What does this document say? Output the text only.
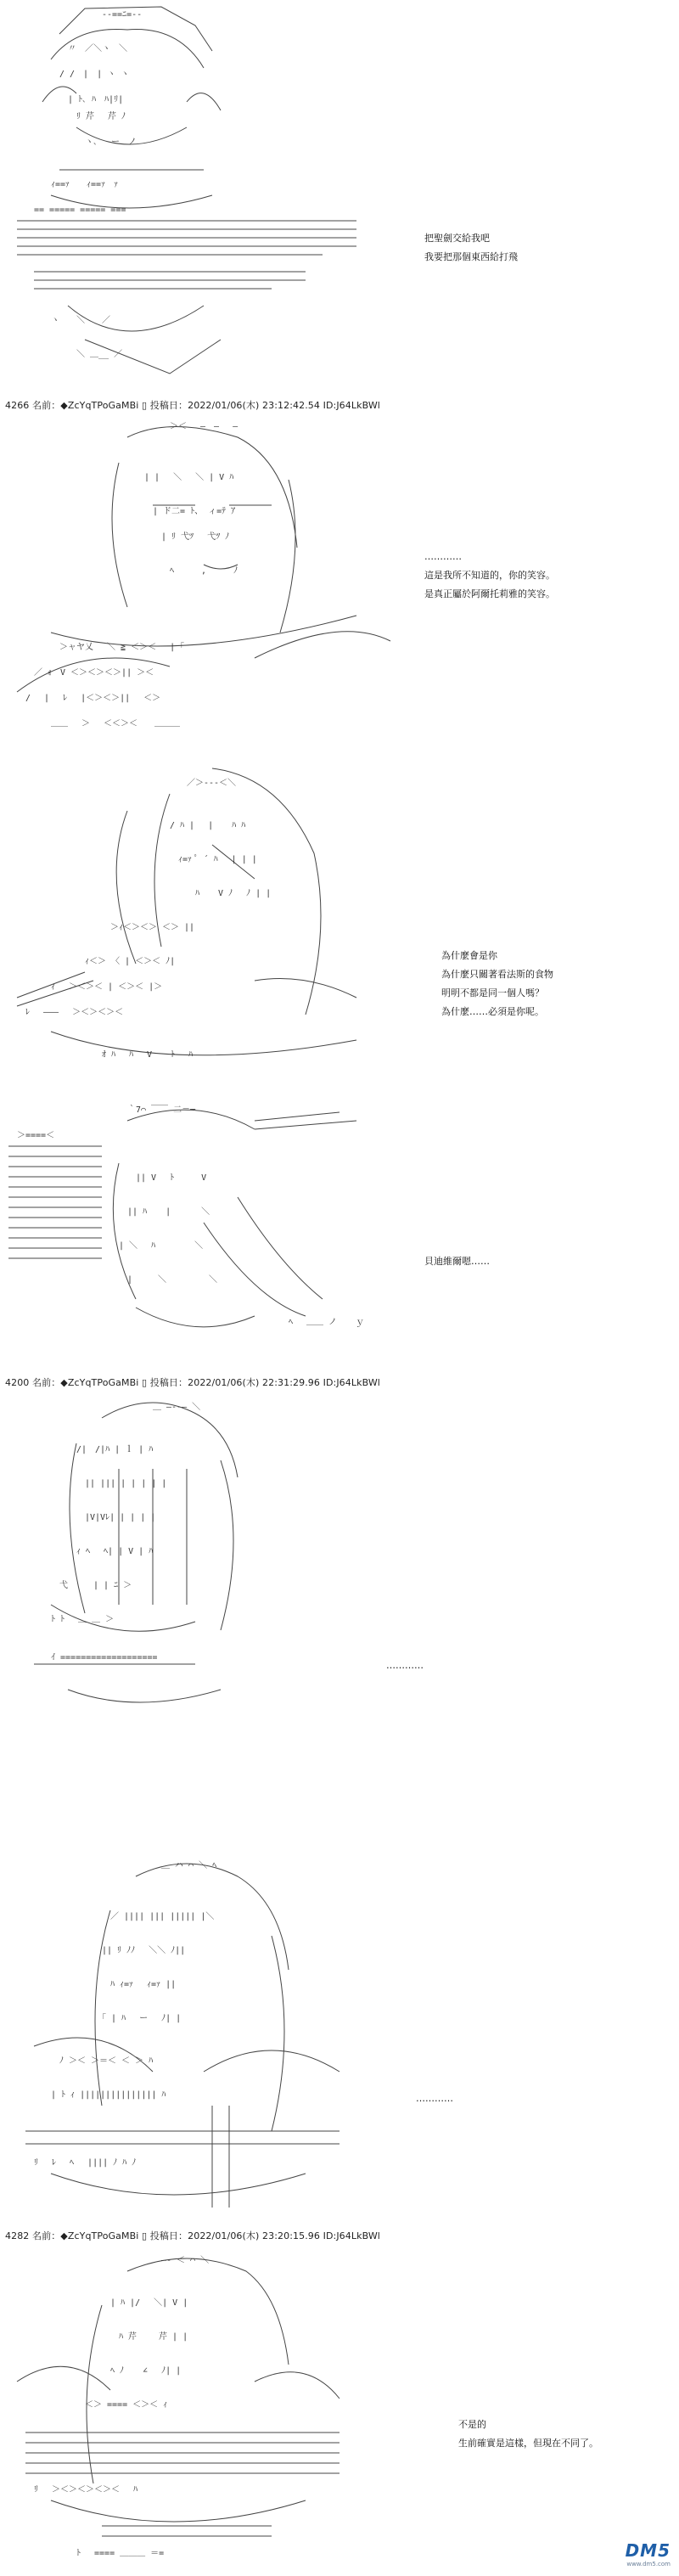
-‐==ﾆ=-‐
〃　／＼ヽ　＼
/ /　|　| ヽ ヽ
| ﾄ､ ﾊ　ﾊ|ﾘ|
ﾘ 芹　 芹 ﾉ
ヽ､　 ー　ノ
ｨ==ｧ　　ｨ==ｧ　ｧ
== ===== ===== ===
ヽ　　＼　　／
＼ ＿__ ／
把聖劍交給我吧
我要把那個東西給打飛
4266 名前：◆ZcYqTPoGaMBi ▯ 投稿日：2022/01/06(木) 23:12:42.54 ID:J64LkBWl
＞＜　 ―　―　 ―
| |　 ＼　 ＼ | V ﾊ
| ド二= ﾄ、 ィ=ﾃ ｱ
| ﾘ 弋ﾂ　 弋ﾂ ﾉ
ﾍ 　　 ,　 　 ﾉ
＞ャヤ乂　 ＼ ≧ ＜＞＜　 | ｢
／ ｫ　V ＜＞＜＞＜＞|| ＞＜
/　 |　 ﾚ　 |＜＞＜＞||　 ＜＞
＿＿　 ＞　 ＜＜＞＜　　＿＿＿
…………
這是我所不知道的，你的笑容。
是真正屬於阿爾托莉雅的笑容。
／＞-‐‐＜＼
/ ﾊ |　 | 　 ﾊ ﾊ
ｨ=ｧ ﾟ ´ ﾊ　 | | |
ﾊ 　 V ﾉ　 ﾉ | |
＞ｨ＜＞＜＞ ＜＞ ||
ｨ＜＞ 〈 | ＜＞＜ ﾉ|
ｨ　 ＞＜＞＜ | ＜＞＜ |＞
ﾚ　 ―――　 ＞＜＞＜＞＜
ｵ ﾊ　 ﾊ　 V 　 ﾄ　 ﾊ
為什麼會是你
為什麼只關著看法斯的食物
明明不都是同一個人嗎？
為什麼……必須是你呢。
｀7⌒ ￣￣ 二＝─
＞====＜
|| V　 ﾄ 　　 V
|| ﾊ 　 | 　　　＼
| ＼ 　ﾊ　　　　 ＼
|　　　＼　　　　　＼
ﾍ　 ＿＿ ノ 　 ｙ
貝迪維爾嗯……
4200 名前：◆ZcYqTPoGaMBi ▯ 投稿日：2022/01/06(木) 22:31:29.96 ID:J64LkBWl
＿ ―‐‐― ＼
/|　/|ﾊ | ｌ | ﾊ
|| ||| | | | | |
|V|Vﾚ| | | | |
ｨ ﾍ　 ﾍ| | V | ﾊ
弋　　　| | ﾆ ＞
ﾄ ﾄ　 ＿ ＿ ＞
ｲ ===================
…………
＿ ハ ⌒ ＼ ﾍ
／ |||| ||| ||||| |＼
|| ﾘ ﾉﾉ　 ＼＼ ﾉ||
ﾊ ｨ=ｧ　 ｨ=ｧ ||
｢ | ﾊ　 ー　 ﾉ| |
ﾉ ＞＜ ＞＝＜ ＜ ＞ ﾊ
| ﾄ ｨ ||||||||||||||| ﾊ
ﾘ　 ﾚ　 ﾍ　 |||| ﾉ ﾊ ﾉ
…………
4282 名前：◆ZcYqTPoGaMBi ▯ 投稿日：2022/01/06(木) 23:20:15.96 ID:J64LkBWl
―‐ ＜ ⌒ ＼
| ﾊ |/　 ＼| V |
ﾊ 芹　　 芹 | |
ﾍ ﾉ 　 ∠　 ﾉ| |
＜＞ ==== ＜＞＜ ｨ
ﾘ　 ＞＜＞＜＞＜＞＜　 ﾊ
ﾄ　 ==== ＿＿＿ ＝=
不是的
生前確實是這樣，但現在不同了。
DM5
www.dm5.com
